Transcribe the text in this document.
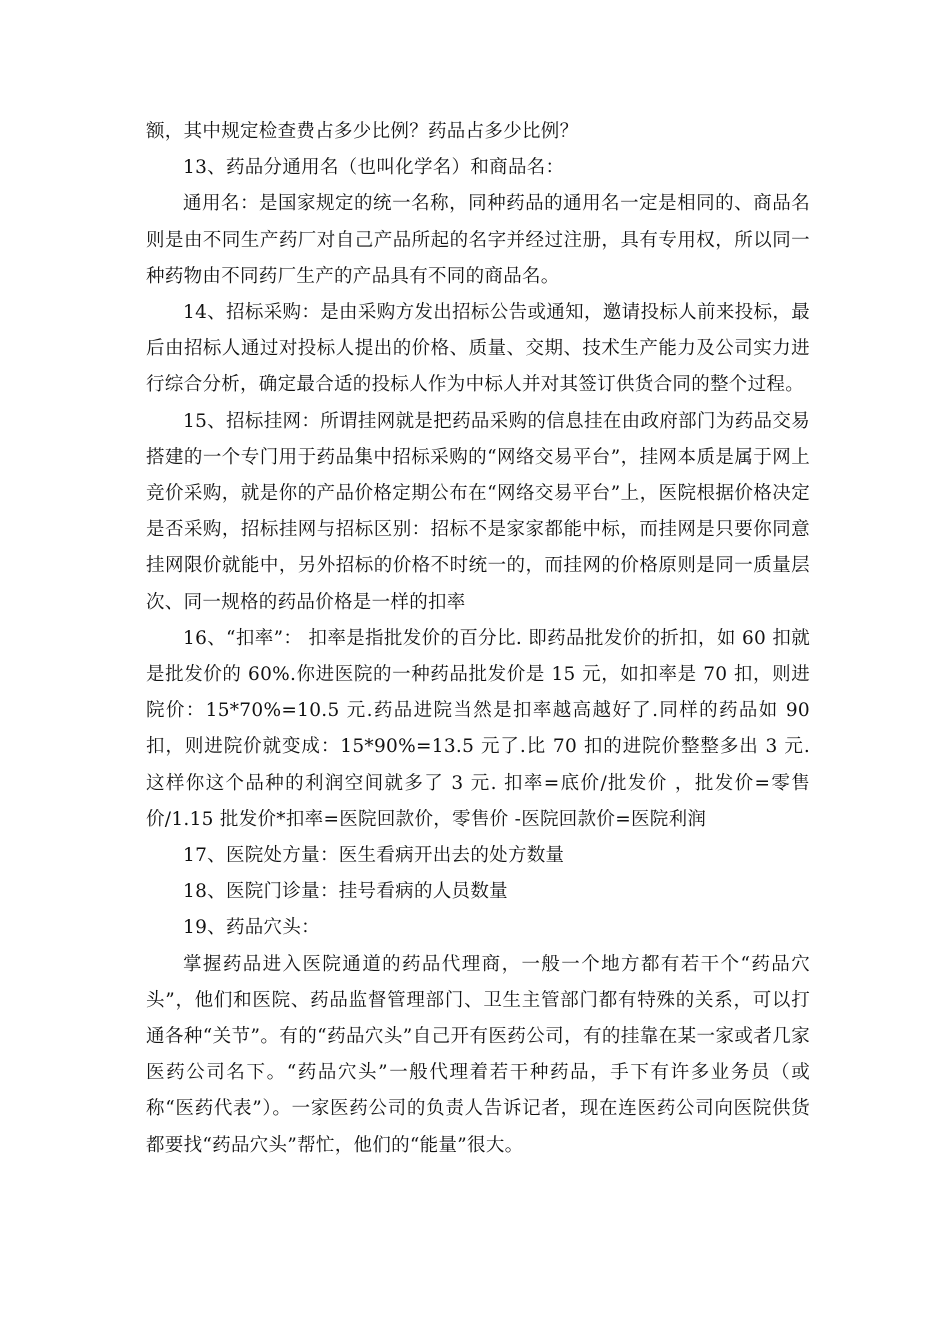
额，其中规定检查费占多少比例？药品占多少比例？

13、药品分通用名（也叫化学名）和商品名：

通用名：是国家规定的统一名称，同种药品的通用名一定是相同的、商品名则是由不同生产药厂对自己产品所起的名字并经过注册，具有专用权，所以同一种药物由不同药厂生产的产品具有不同的商品名。

14、招标采购：是由采购方发出招标公告或通知，邀请投标人前来投标，最后由招标人通过对投标人提出的价格、质量、交期、技术生产能力及公司实力进行综合分析，确定最合适的投标人作为中标人并对其签订供货合同的整个过程。

15、招标挂网：所谓挂网就是把药品采购的信息挂在由政府部门为药品交易搭建的一个专门用于药品集中招标采购的“网络交易平台”，挂网本质是属于网上竞价采购，就是你的产品价格定期公布在“网络交易平台”上，医院根据价格决定是否采购，招标挂网与招标区别：招标不是家家都能中标，而挂网是只要你同意挂网限价就能中，另外招标的价格不时统一的，而挂网的价格原则是同一质量层次、同一规格的药品价格是一样的扣率

16、“扣率”： 扣率是指批发价的百分比. 即药品批发价的折扣，如 60 扣就是批发价的 60%.你进医院的一种药品批发价是 15 元，如扣率是 70 扣，则进院价：15*70%=10.5 元.药品进院当然是扣率越高越好了.同样的药品如 90 扣，则进院价就变成：15*90%=13.5 元了.比 70 扣的进院价整整多出 3 元.这样你这个品种的利润空间就多了 3 元. 扣率=底价/批发价 ，批发价=零售价/1.15 批发价*扣率=医院回款价，零售价 -医院回款价=医院利润

17、医院处方量：医生看病开出去的处方数量

18、医院门诊量：挂号看病的人员数量

19、药品穴头：

掌握药品进入医院通道的药品代理商，一般一个地方都有若干个“药品穴头”，他们和医院、药品监督管理部门、卫生主管部门都有特殊的关系，可以打通各种“关节”。有的“药品穴头”自己开有医药公司，有的挂靠在某一家或者几家医药公司名下。“药品穴头”一般代理着若干种药品，手下有许多业务员（或称“医药代表”）。一家医药公司的负责人告诉记者，现在连医药公司向医院供货都要找“药品穴头”帮忙，他们的“能量”很大。
